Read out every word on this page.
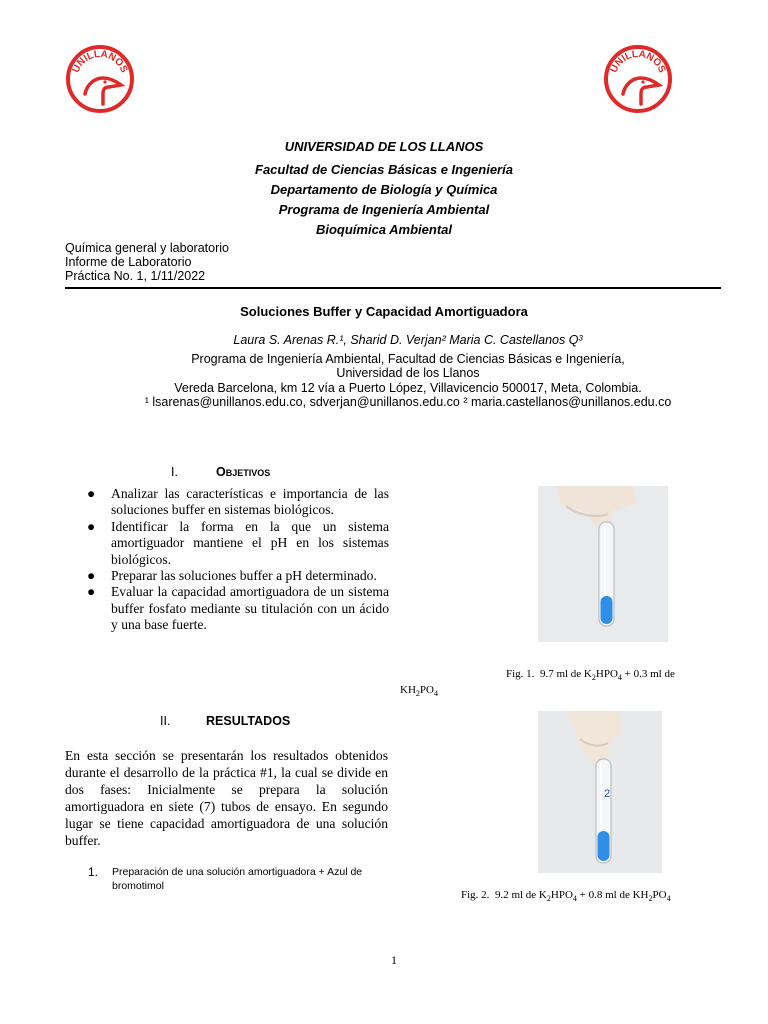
UNILLANOS	UNILLANOS
UNIVERSIDAD DE LOS LLANOS
Facultad de Ciencias Básicas e Ingeniería
Departamento de Biología y Química
Programa de Ingeniería Ambiental
Bioquímica Ambiental
Química general y laboratorio
Informe de Laboratorio
Práctica No. 1, 1/11/2022
Soluciones Buffer y Capacidad Amortiguadora
Laura S. Arenas R.¹, Sharid D. Verjan² Maria C. Castellanos Q³
Programa de Ingeniería Ambiental, Facultad de Ciencias Básicas e Ingeniería,
Universidad de los Llanos
Vereda Barcelona, km 12 vía a Puerto López, Villavicencio 500017, Meta, Colombia.
¹ lsarenas@unillanos.edu.co, sdverjan@unillanos.edu.co ² maria.castellanos@unillanos.edu.co
I.	Objetivos
● Analizar las características e importancia de las soluciones buffer en sistemas biológicos.
● Identificar la forma en la que un sistema amortiguador mantiene el pH en los sistemas biológicos.
● Preparar las soluciones buffer a pH determinado.
● Evaluar la capacidad amortiguadora de un sistema buffer fosfato mediante su titulación con un ácido y una base fuerte.
II.	RESULTADOS
En esta sección se presentarán los resultados obtenidos durante el desarrollo de la práctica #1, la cual se divide en dos fases: Inicialmente se prepara la solución amortiguadora en siete (7) tubos de ensayo. En segundo lugar se tiene capacidad amortiguadora de una solución buffer.
1. Preparación de una solución amortiguadora + Azul de bromotimol
Fig. 1. 9.7 ml de $K_2HPO_4 + 0.3$ ml de
$KH_2PO_4$
2
Fig. 2. 9.2 ml de $K_2HPO_4 + 0.8$ ml de $KH_2PO_4$
1
